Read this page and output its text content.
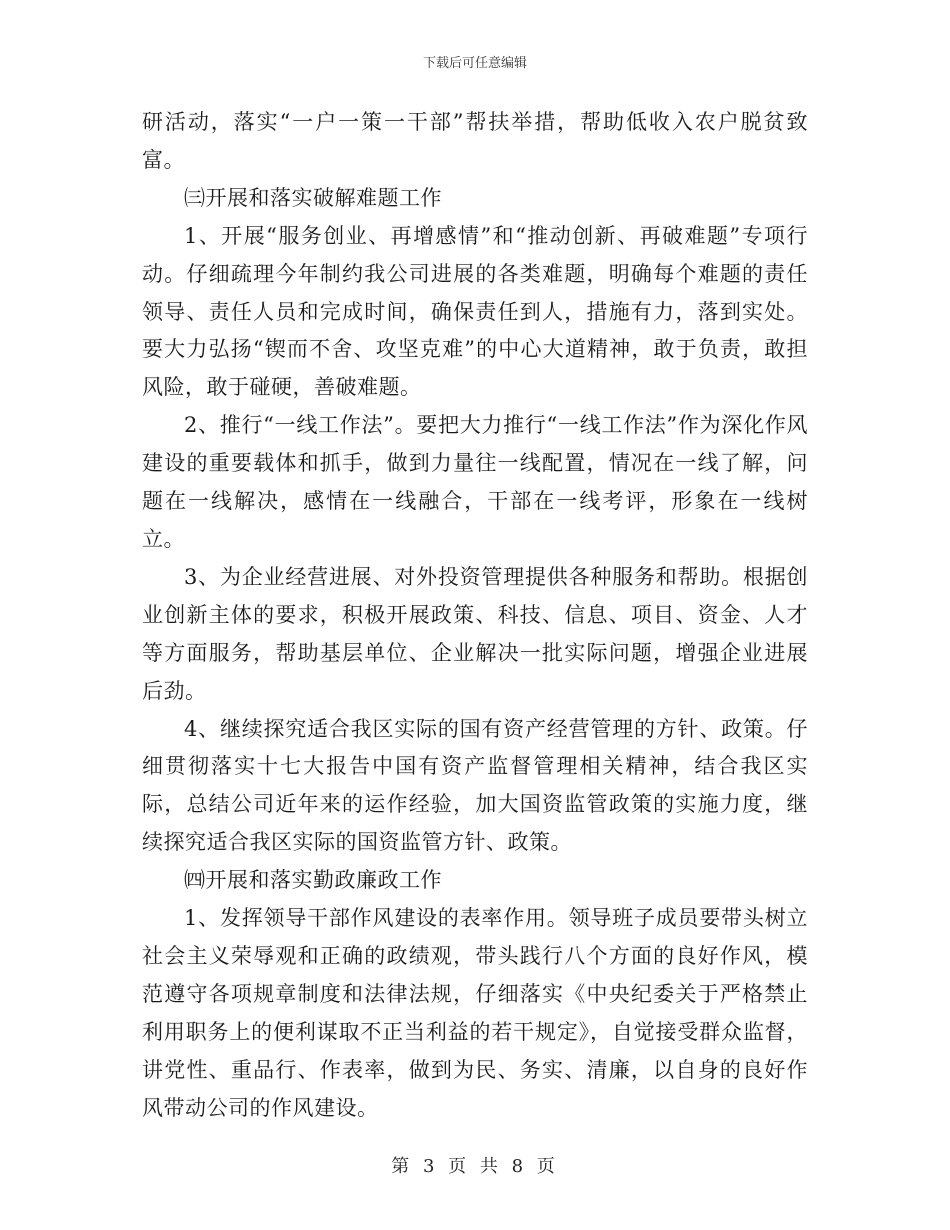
下载后可任意编辑

研活动，落实“一户一策一干部”帮扶举措，帮助低收入农户脱贫致富。

㈢开展和落实破解难题工作

1、开展“服务创业、再增感情”和“推动创新、再破难题”专项行动。仔细疏理今年制约我公司进展的各类难题，明确每个难题的责任领导、责任人员和完成时间，确保责任到人，措施有力，落到实处。要大力弘扬“锲而不舍、攻坚克难”的中心大道精神，敢于负责，敢担风险，敢于碰硬，善破难题。

2、推行“一线工作法”。要把大力推行“一线工作法”作为深化作风建设的重要载体和抓手，做到力量往一线配置，情况在一线了解，问题在一线解决，感情在一线融合，干部在一线考评，形象在一线树立。

3、为企业经营进展、对外投资管理提供各种服务和帮助。根据创业创新主体的要求，积极开展政策、科技、信息、项目、资金、人才等方面服务，帮助基层单位、企业解决一批实际问题，增强企业进展后劲。

4、继续探究适合我区实际的国有资产经营管理的方针、政策。仔细贯彻落实十七大报告中国有资产监督管理相关精神，结合我区实际，总结公司近年来的运作经验，加大国资监管政策的实施力度，继续探究适合我区实际的国资监管方针、政策。

㈣开展和落实勤政廉政工作

1、发挥领导干部作风建设的表率作用。领导班子成员要带头树立社会主义荣辱观和正确的政绩观，带头践行八个方面的良好作风，模范遵守各项规章制度和法律法规，仔细落实《中央纪委关于严格禁止利用职务上的便利谋取不正当利益的若干规定》，自觉接受群众监督，讲党性、重品行、作表率，做到为民、务实、清廉，以自身的良好作风带动公司的作风建设。

第 3 页 共 8 页
